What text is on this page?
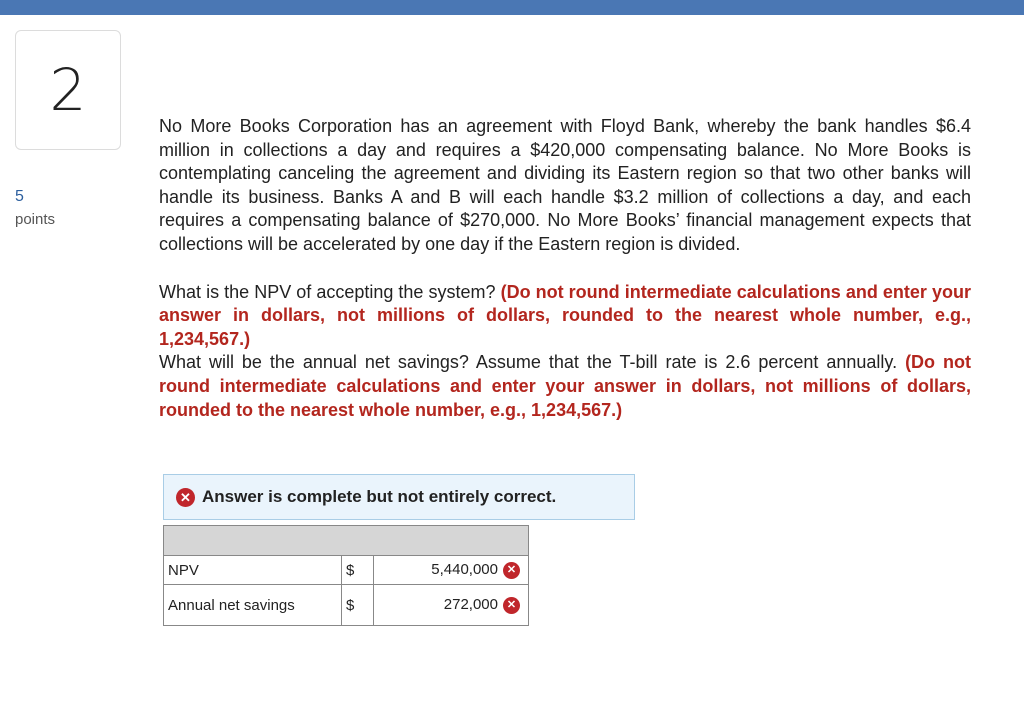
2
5
points

No More Books Corporation has an agreement with Floyd Bank, whereby the bank handles $6.4 million in collections a day and requires a $420,000 compensating balance. No More Books is contemplating canceling the agreement and dividing its Eastern region so that two other banks will handle its business. Banks A and B will each handle $3.2 million of collections a day, and each requires a compensating balance of $270,000. No More Books’ financial management expects that collections will be accelerated by one day if the Eastern region is divided.

What is the NPV of accepting the system? (Do not round intermediate calculations and enter your answer in dollars, not millions of dollars, rounded to the nearest whole number, e.g., 1,234,567.)

What will be the annual net savings? Assume that the T-bill rate is 2.6 percent annually. (Do not round intermediate calculations and enter your answer in dollars, not millions of dollars, rounded to the nearest whole number, e.g., 1,234,567.)

✕ Answer is complete but not entirely correct.

NPV	$	5,440,000 ✕
Annual net savings	$	272,000 ✕
